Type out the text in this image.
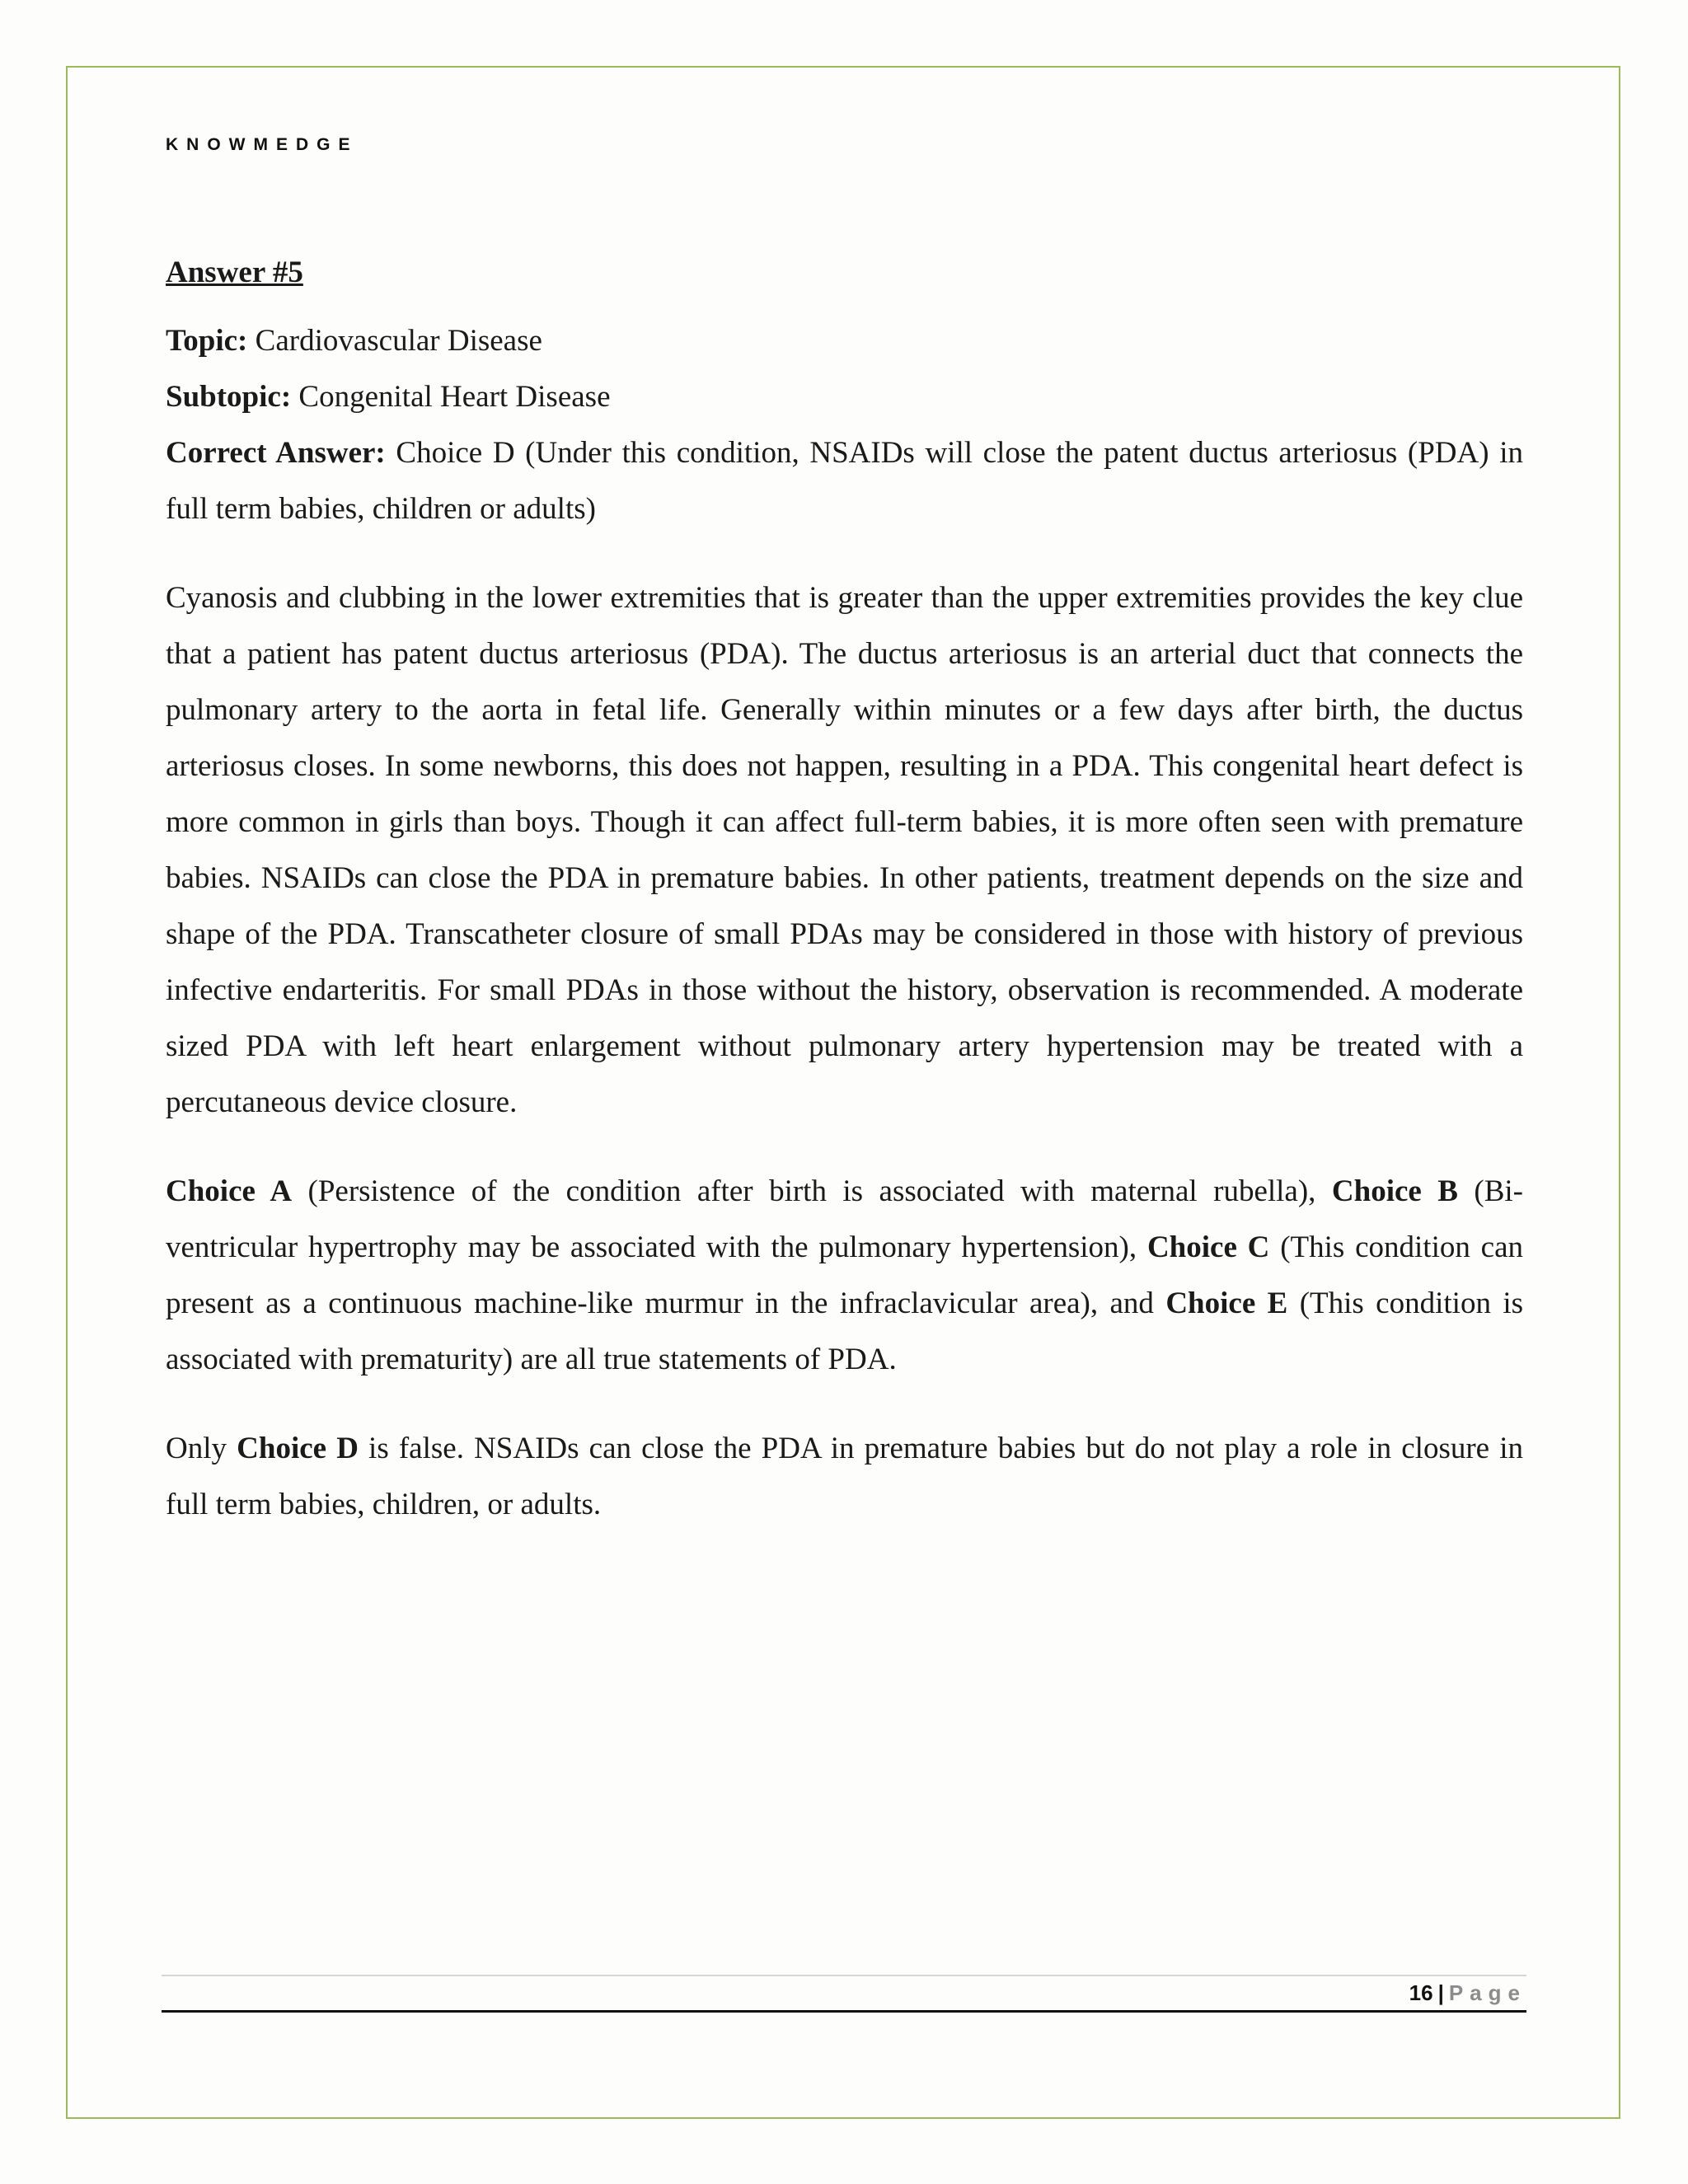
KNOWMEDGE

Answer #5

Topic: Cardiovascular Disease

Subtopic: Congenital Heart Disease

Correct Answer: Choice D (Under this condition, NSAIDs will close the patent ductus arteriosus (PDA) in full term babies, children or adults)

Cyanosis and clubbing in the lower extremities that is greater than the upper extremities provides the key clue that a patient has patent ductus arteriosus (PDA). The ductus arteriosus is an arterial duct that connects the pulmonary artery to the aorta in fetal life. Generally within minutes or a few days after birth, the ductus arteriosus closes. In some newborns, this does not happen, resulting in a PDA. This congenital heart defect is more common in girls than boys. Though it can affect full-term babies, it is more often seen with premature babies. NSAIDs can close the PDA in premature babies. In other patients, treatment depends on the size and shape of the PDA. Transcatheter closure of small PDAs may be considered in those with history of previous infective endarteritis. For small PDAs in those without the history, observation is recommended. A moderate sized PDA with left heart enlargement without pulmonary artery hypertension may be treated with a percutaneous device closure.

Choice A (Persistence of the condition after birth is associated with maternal rubella), Choice B (Bi-ventricular hypertrophy may be associated with the pulmonary hypertension), Choice C (This condition can present as a continuous machine-like murmur in the infraclavicular area), and Choice E (This condition is associated with prematurity) are all true statements of PDA.

Only Choice D is false. NSAIDs can close the PDA in premature babies but do not play a role in closure in full term babies, children, or adults.

16 | Page
